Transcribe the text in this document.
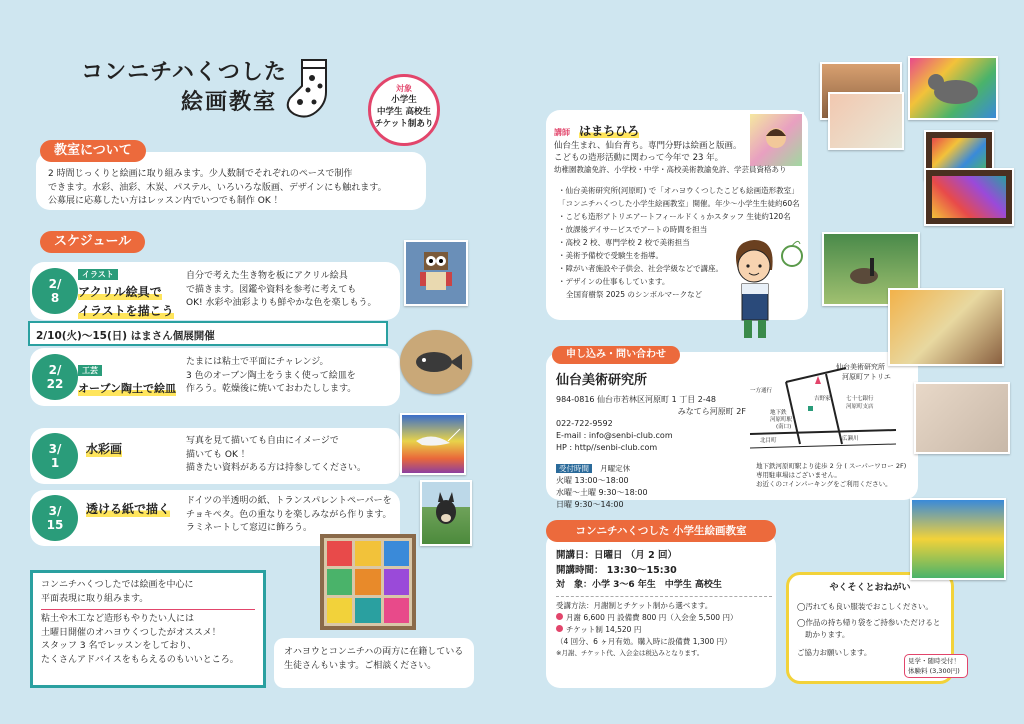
コンニチハくつした
絵画教室
対象
小学生
中学生 高校生
チケット制あり
教室について
2 時間じっくりと絵画に取り組みます。少人数制でそれぞれのペースで制作
できます。水彩、油彩、木炭、パステル、いろいろな版画、デザインにも触れます。
公募展に応募したい方はレッスン内でいつでも制作 OK ！
スケジュール
2/
8
イラスト アクリル絵具で
イラストを描こう
自分で考えた生き物を板にアクリル絵具
で描きます。図鑑や資料を参考に考えても
OK! 水彩や油彩よりも鮮やかな色を楽しもう。
2/10(火)〜15(日) はまさん個展開催
2/
22
工芸 オーブン陶土で絵皿
たまには粘土で平面にチャレンジ。
3 色のオーブン陶土をうまく使って絵皿を
作ろう。乾燥後に焼いておわたしします。
3/
1
水彩画
写真を見て描いても自由にイメージで
描いても OK ！
描きたい資料がある方は持参してください。
3/
15
透ける紙で描く
ドイツの半透明の紙、トランスパレントペーパーを
チョキペタ。色の重なりを楽しみながら作ります。
ラミネートして窓辺に飾ろう。
コンニチハくつしたでは絵画を中心に
平面表現に取り組みます。
粘土や木工など造形もやりたい人には
土曜日開催のオハヨウくつしたがオススメ！
スタッフ 3 名でレッスンをしており、
たくさんアドバイスをもらえるのもいいところ。
オハヨウとコンニチハの両方に在籍している
生徒さんもいます。ご相談ください。
講師 はまちひろ
仙台生まれ、仙台育ち。専門分野は絵画と版画。
こどもの造形活動に関わって今年で 23 年。
幼稚園教諭免許、小学校・中学・高校美術教諭免許、学芸員資格あり
・仙台美術研究所(河原町) で「オハヨウくつしたこども絵画造形教室」
「コンニチハくつした小学生絵画教室」開催。年少〜小学生生徒約60名
・こども造形アトリエアートフィールドくぅかスタッフ 生徒約120名
・放課後デイサービスでアートの時間を担当
・高校 2 校、専門学校 2 校で美術担当
・美術予備校で受験生を指導。
・障がい者施設や子供会、社会学級などで講座。
・デザインの仕事もしています。
全国育樹祭 2025 のシンボルマークなど
申し込み・問い合わせ
仙台美術研究所
984-0816 仙台市若林区河原町 1 丁目 2-48
みなてら河原町 2F
022-722-9592
E-mail : info@senbi-club.com
HP : http//senbi-club.com
受付時間 月曜定休
火曜 13:00〜18:00
水曜〜土曜 9:30〜18:00
日曜 9:30〜14:00
仙台美術研究所
河原町アトリエ
七十七銀行
河原町支店
吉野家
地下鉄
河原町駅
(南口)
北目町	広瀬川
一方通行
地下鉄河原町駅より徒歩 2 分 ( スーパーワロー 2F)
専用駐車場はございません。
お近くのコインパーキングをご利用ください。
コンニチハくつした 小学生絵画教室
開講日：日曜日 （月 2 回）
開講時間： 13:30〜15:30
対　象：小学 3〜6 年生　中学生 高校生
受講方法：月謝制とチケット制から選べます。
月謝 6,600 円 設備費 800 円（入会金 5,500 円）
チケット制 14,520 円
（4 回分、6 ヶ月有効。購入時に設備費 1,300 円）
※月謝、チケット代、入会金は税込みとなります。
やくそくとおねがい
◯汚れても良い服装でおこしください。
◯作品の持ち帰り袋をご持参いただけると
助かります。
ご協力お願いします。
見学・随時受付！
体験料 (3,300円)
